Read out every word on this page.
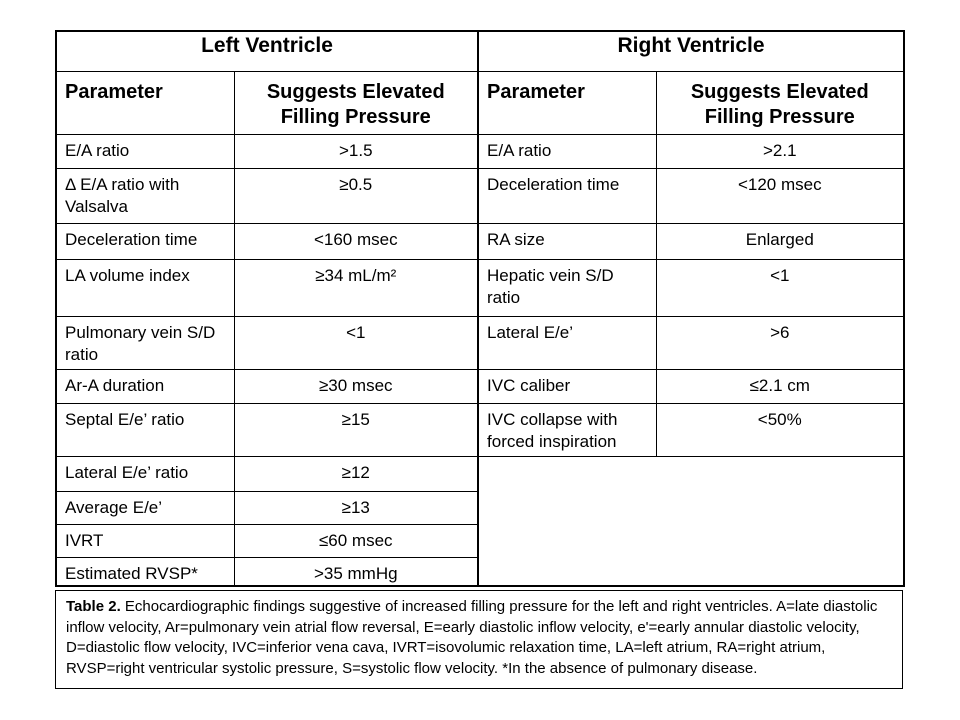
Left Ventricle		Right Ventricle	
Parameter	Suggests Elevated Filling Pressure	Parameter	Suggests Elevated Filling Pressure
E/A ratio	>1.5	E/A ratio	>2.1
Δ E/A ratio with Valsalva	≥0.5	Deceleration time	<120 msec
Deceleration time	<160 msec	RA size	Enlarged
LA volume index	≥34 mL/m²	Hepatic vein S/D ratio	<1
Pulmonary vein S/D ratio	<1	Lateral E/e’	>6
Ar-A duration	≥30 msec	IVC caliber	≤2.1 cm
Septal E/e’ ratio	≥15	IVC collapse with forced inspiration	<50%
Lateral E/e’ ratio	≥12		
Average E/e’	≥13		
IVRT	≤60 msec		
Estimated RVSP*	>35 mmHg		
Table 2. Echocardiographic findings suggestive of increased filling pressure for the left and right ventricles. A=late diastolic inflow velocity, Ar=pulmonary vein atrial flow reversal, E=early diastolic inflow velocity, e'=early annular diastolic velocity, D=diastolic flow velocity, IVC=inferior vena cava, IVRT=isovolumic relaxation time, LA=left atrium, RA=right atrium, RVSP=right ventricular systolic pressure, S=systolic flow velocity. *In the absence of pulmonary disease.
